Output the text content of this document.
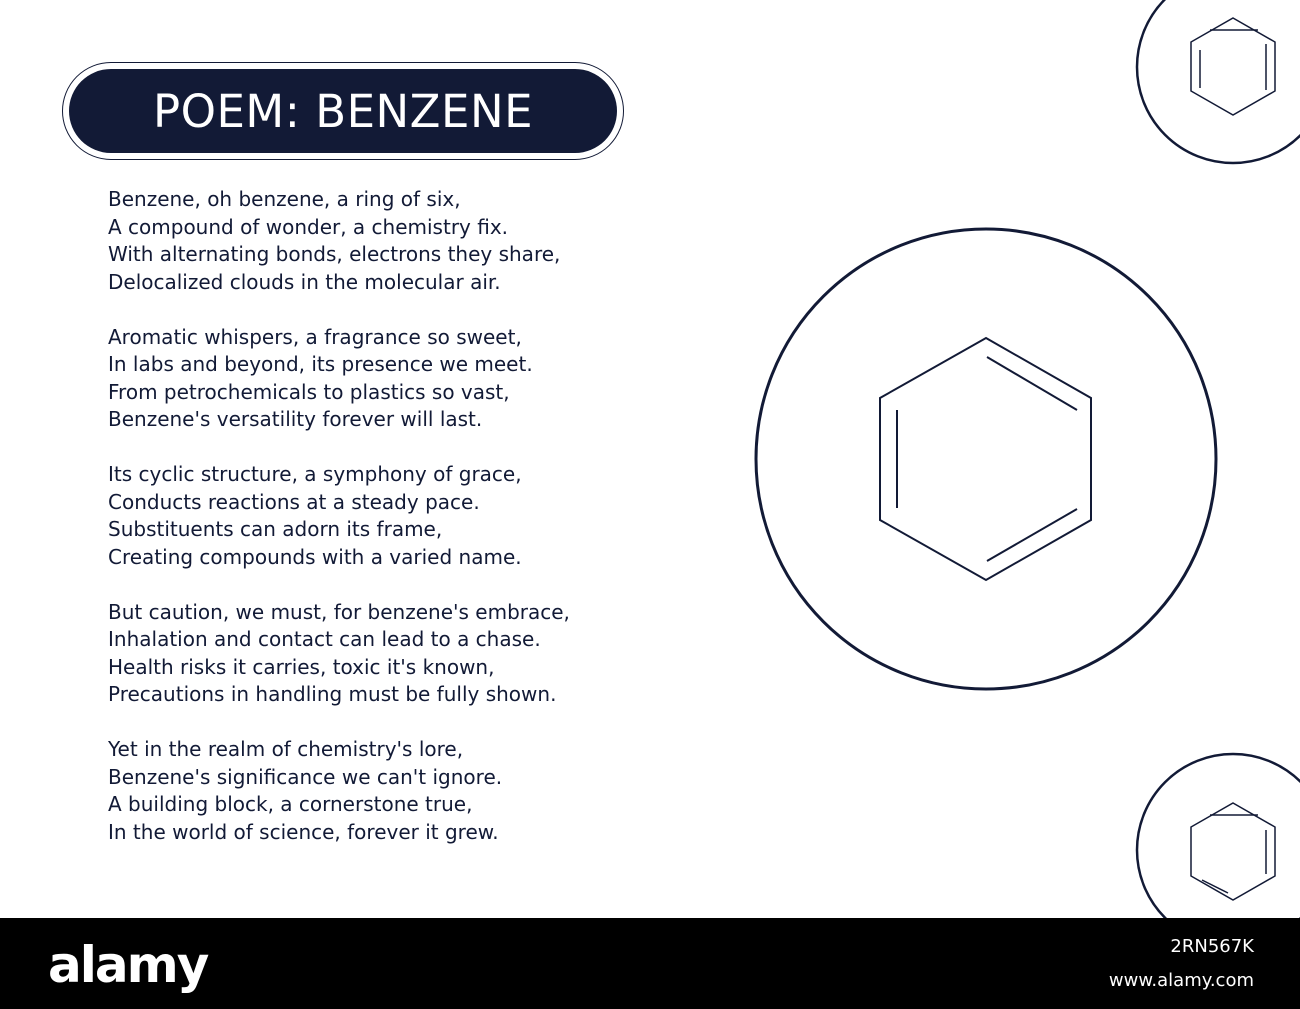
POEM: BENZENE
Benzene, oh benzene, a ring of six,
A compound of wonder, a chemistry fix.
With alternating bonds, electrons they share,
Delocalized clouds in the molecular air.
Aromatic whispers, a fragrance so sweet,
In labs and beyond, its presence we meet.
From petrochemicals to plastics so vast,
Benzene's versatility forever will last.
Its cyclic structure, a symphony of grace,
Conducts reactions at a steady pace.
Substituents can adorn its frame,
Creating compounds with a varied name.
But caution, we must, for benzene's embrace,
Inhalation and contact can lead to a chase.
Health risks it carries, toxic it's known,
Precautions in handling must be fully shown.
Yet in the realm of chemistry's lore,
Benzene's significance we can't ignore.
A building block, a cornerstone true,
In the world of science, forever it grew.
alamy	2RN567K
www.alamy.com
